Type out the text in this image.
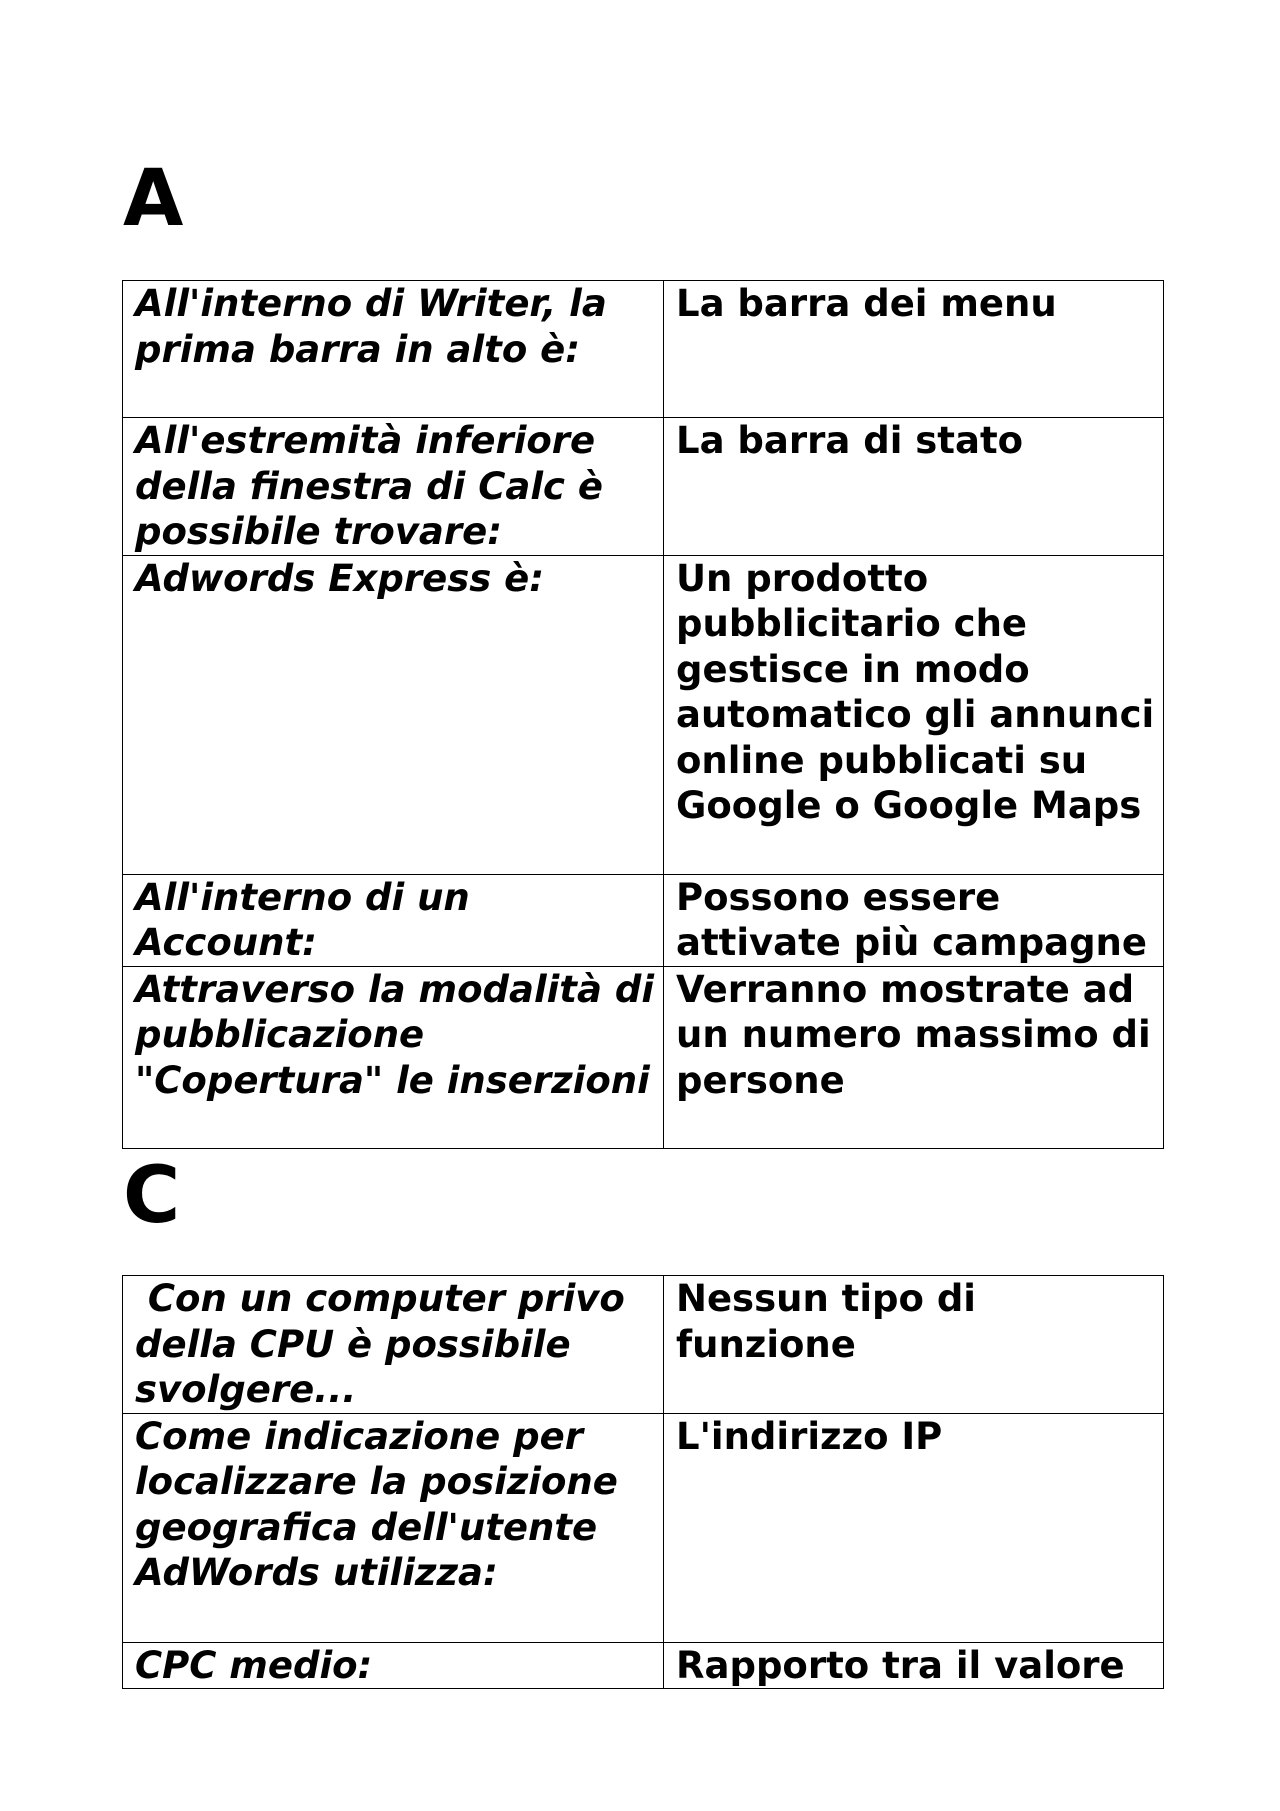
A
All'interno di Writer, la prima barra in alto è:	La barra dei menu
All'estremità inferiore della finestra di Calc è possibile trovare:	La barra di stato
Adwords Express è:	Un prodotto pubblicitario che gestisce in modo automatico gli annunci online pubblicati su Google o Google Maps
All'interno di un Account:	Possono essere attivate più campagne
Attraverso la modalità di pubblicazione "Copertura" le inserzioni	Verranno mostrate ad un numero massimo di persone
C
Con un computer privo della CPU è possibile svolgere...	Nessun tipo di funzione
Come indicazione per localizzare la posizione geografica dell'utente AdWords utilizza:	L'indirizzo IP
CPC medio:	Rapporto tra il valore
